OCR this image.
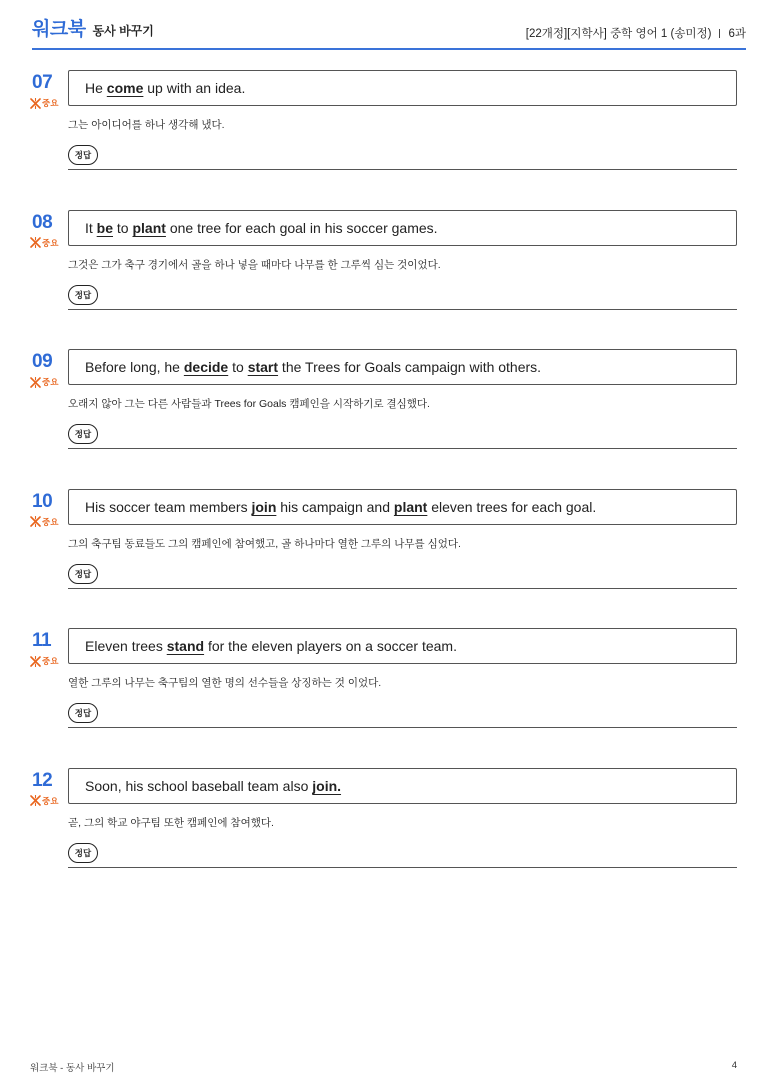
워크북 동사 바꾸기	[22개정][지학사] 중학 영어 1 (송미정) 6과
07
중요
He come up with an idea.
그는 아이디어를 하나 생각해 냈다.
정답
08
중요
It be to plant one tree for each goal in his soccer games.
그것은 그가 축구 경기에서 골을 하나 넣을 때마다 나무를 한 그루씩 심는 것이었다.
정답
09
중요
Before long, he decide to start the Trees for Goals campaign with others.
오래지 않아 그는 다른 사람들과 Trees for Goals 캠페인을 시작하기로 결심했다.
정답
10
중요
His soccer team members join his campaign and plant eleven trees for each goal.
그의 축구팀 동료들도 그의 캠페인에 참여했고, 골 하나마다 열한 그루의 나무를 심었다.
정답
11
중요
Eleven trees stand for the eleven players on a soccer team.
열한 그루의 나무는 축구팀의 열한 명의 선수들을 상징하는 것 이었다.
정답
12
중요
Soon, his school baseball team also join.
곧, 그의 학교 야구팀 또한 캠페인에 참여했다.
정답
워크북 - 동사 바꾸기	4
